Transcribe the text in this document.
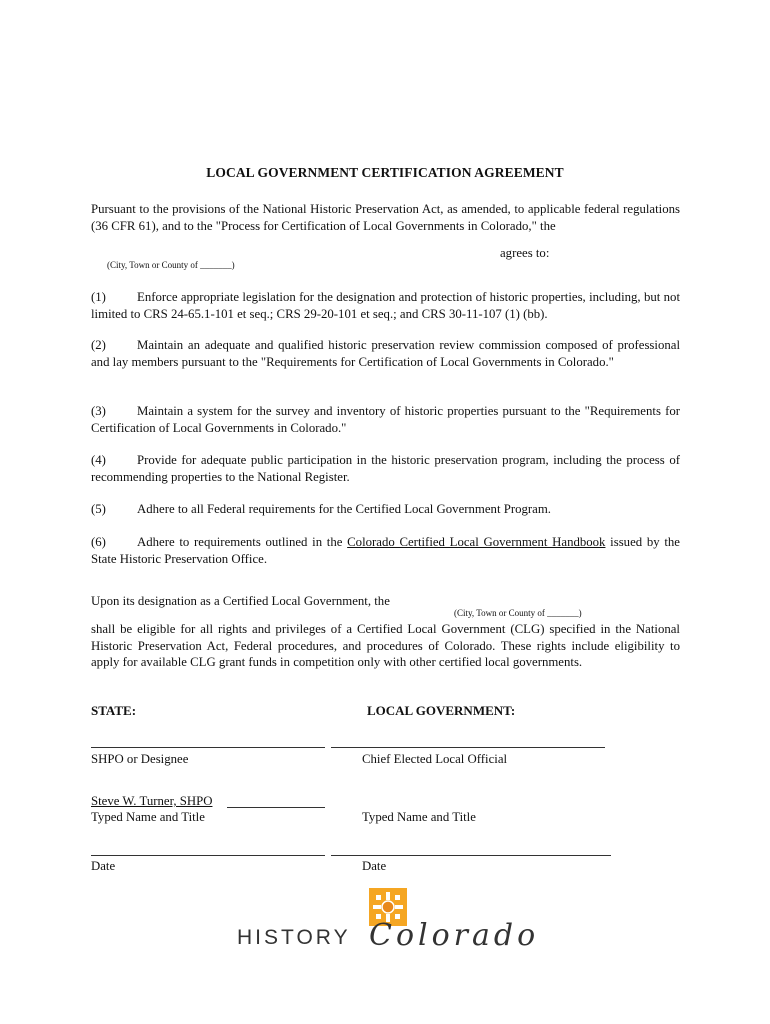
LOCAL GOVERNMENT CERTIFICATION AGREEMENT
Pursuant to the provisions of the National Historic Preservation Act, as amended, to applicable federal regulations (36 CFR 61), and to the "Process for Certification of Local Governments in Colorado," the
agrees to:
(City, Town or County of _______)
(1) Enforce appropriate legislation for the designation and protection of historic properties, including, but not limited to CRS 24-65.1-101 et seq.; CRS 29-20-101 et seq.; and CRS 30-11-107 (1) (bb).
(2) Maintain an adequate and qualified historic preservation review commission composed of professional and lay members pursuant to the "Requirements for Certification of Local Governments in Colorado."
(3) Maintain a system for the survey and inventory of historic properties pursuant to the "Requirements for Certification of Local Governments in Colorado."
(4) Provide for adequate public participation in the historic preservation program, including the process of recommending properties to the National Register.
(5) Adhere to all Federal requirements for the Certified Local Government Program.
(6) Adhere to requirements outlined in the Colorado Certified Local Government Handbook issued by the State Historic Preservation Office.
Upon its designation as a Certified Local Government, the
(City, Town or County of _______)
shall be eligible for all rights and privileges of a Certified Local Government (CLG) specified in the National Historic Preservation Act, Federal procedures, and procedures of Colorado. These rights include eligibility to apply for available CLG grant funds in competition only with other certified local governments.
STATE:	LOCAL GOVERNMENT:
SHPO or Designee	Chief Elected Local Official
Steve W. Turner, SHPO
Typed Name and Title	Typed Name and Title
Date	Date
HISTORY Colorado
